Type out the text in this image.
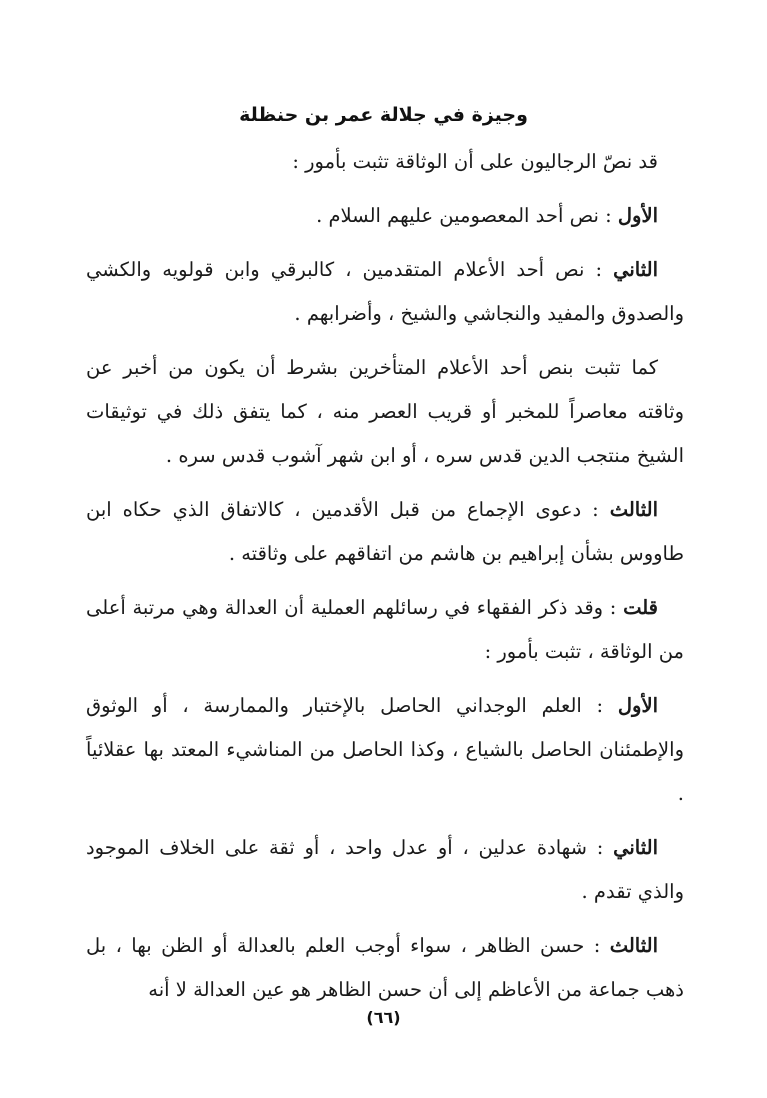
وجيزة في جلالة عمر بن حنظلة

قد نصّ الرجاليون على أن الوثاقة تثبت بأمور :

الأول : نص أحد المعصومين عليهم السلام .

الثاني : نص أحد الأعلام المتقدمين ، كالبرقي وابن قولويه والكشي والصدوق والمفيد والنجاشي والشيخ ، وأضرابهم .

كما تثبت بنص أحد الأعلام المتأخرين بشرط أن يكون من أخبر عن وثاقته معاصراً للمخبر أو قريب العصر منه ، كما يتفق ذلك في توثيقات الشيخ منتجب الدين قدس سره ، أو ابن شهر آشوب قدس سره .

الثالث : دعوى الإجماع من قبل الأقدمين ، كالاتفاق الذي حكاه ابن طاووس بشأن إبراهيم بن هاشم من اتفاقهم على وثاقته .

قلت : وقد ذكر الفقهاء في رسائلهم العملية أن العدالة وهي مرتبة أعلى من الوثاقة ، تثبت بأمور :

الأول : العلم الوجداني الحاصل بالإختبار والممارسة ، أو الوثوق والإطمئنان الحاصل بالشياع ، وكذا الحاصل من المناشيء المعتد بها عقلائياً .

الثاني : شهادة عدلين ، أو عدل واحد ، أو ثقة على الخلاف الموجود والذي تقدم .

الثالث : حسن الظاهر ، سواء أوجب العلم بالعدالة أو الظن بها ، بل ذهب جماعة من الأعاظم إلى أن حسن الظاهر هو عين العدالة لا أنه

(٦٦)
